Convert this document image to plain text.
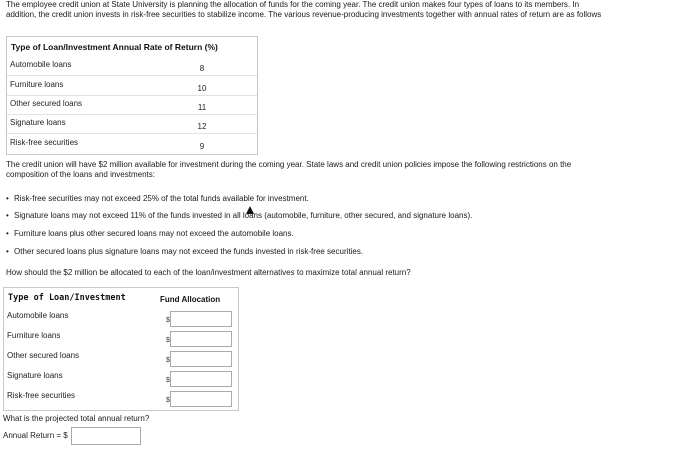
The employee credit union at State University is planning the allocation of funds for the coming year. The credit union makes four types of loans to its members. In
addition, the credit union invests in risk-free securities to stabilize income. The various revenue-producing investments together with annual rates of return are as follows
Type of Loan/Investment Annual Rate of Return (%)
Automobile loans	8
Furniture loans	10
Other secured loans	11
Signature loans	12
Risk-free securities	9
The credit union will have $2 million available for investment during the coming year. State laws and credit union policies impose the following restrictions on the
composition of the loans and investments:
• Risk-free securities may not exceed 25% of the total funds available for investment.
• Signature loans may not exceed 11% of the funds invested in all loans (automobile, furniture, other secured, and signature loans).
• Furniture loans plus other secured loans may not exceed the automobile loans.
• Other secured loans plus signature loans may not exceed the funds invested in risk-free securities.
How should the $2 million be allocated to each of the loan/investment alternatives to maximize total annual return?
Type of Loan/Investment	Fund Allocation
Automobile loans
$
Furniture loans
$
Other secured loans
$
Signature loans
$
Risk-free securities
$
What is the projected total annual return?
Annual Return = $
